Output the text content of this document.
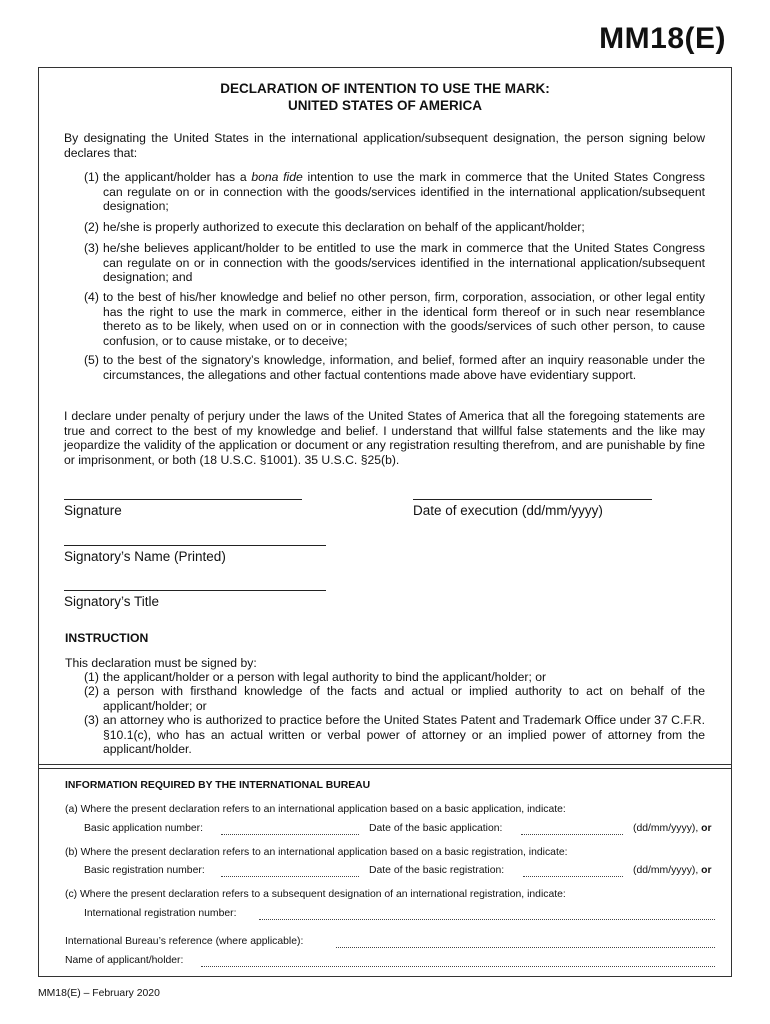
MM18(E)
DECLARATION OF INTENTION TO USE THE MARK:
UNITED STATES OF AMERICA
By designating the United States in the international application/subsequent designation, the person signing below declares that:
(1) the applicant/holder has a bona fide intention to use the mark in commerce that the United States Congress can regulate on or in connection with the goods/services identified in the international application/subsequent designation;
(2) he/she is properly authorized to execute this declaration on behalf of the applicant/holder;
(3) he/she believes applicant/holder to be entitled to use the mark in commerce that the United States Congress can regulate on or in connection with the goods/services identified in the international application/subsequent designation; and
(4) to the best of his/her knowledge and belief no other person, firm, corporation, association, or other legal entity has the right to use the mark in commerce, either in the identical form thereof or in such near resemblance thereto as to be likely, when used on or in connection with the goods/services of such other person, to cause confusion, or to cause mistake, or to deceive;
(5) to the best of the signatory’s knowledge, information, and belief, formed after an inquiry reasonable under the circumstances, the allegations and other factual contentions made above have evidentiary support.
I declare under penalty of perjury under the laws of the United States of America that all the foregoing statements are true and correct to the best of my knowledge and belief. I understand that willful false statements and the like may jeopardize the validity of the application or document or any registration resulting therefrom, and are punishable by fine or imprisonment, or both (18 U.S.C. §1001). 35 U.S.C. §25(b).
Signature	Date of execution (dd/mm/yyyy)
Signatory’s Name (Printed)
Signatory’s Title
INSTRUCTION
This declaration must be signed by:
(1) the applicant/holder or a person with legal authority to bind the applicant/holder; or
(2) a person with firsthand knowledge of the facts and actual or implied authority to act on behalf of the applicant/holder; or
(3) an attorney who is authorized to practice before the United States Patent and Trademark Office under 37 C.F.R. §10.1(c), who has an actual written or verbal power of attorney or an implied power of attorney from the applicant/holder.
INFORMATION REQUIRED BY THE INTERNATIONAL BUREAU
(a) Where the present declaration refers to an international application based on a basic application, indicate:
Basic application number:	Date of the basic application:	(dd/mm/yyyy), or
(b) Where the present declaration refers to an international application based on a basic registration, indicate:
Basic registration number:	Date of the basic registration:	(dd/mm/yyyy), or
(c) Where the present declaration refers to a subsequent designation of an international registration, indicate:
International registration number:
International Bureau’s reference (where applicable):
Name of applicant/holder:
MM18(E) – February 2020
